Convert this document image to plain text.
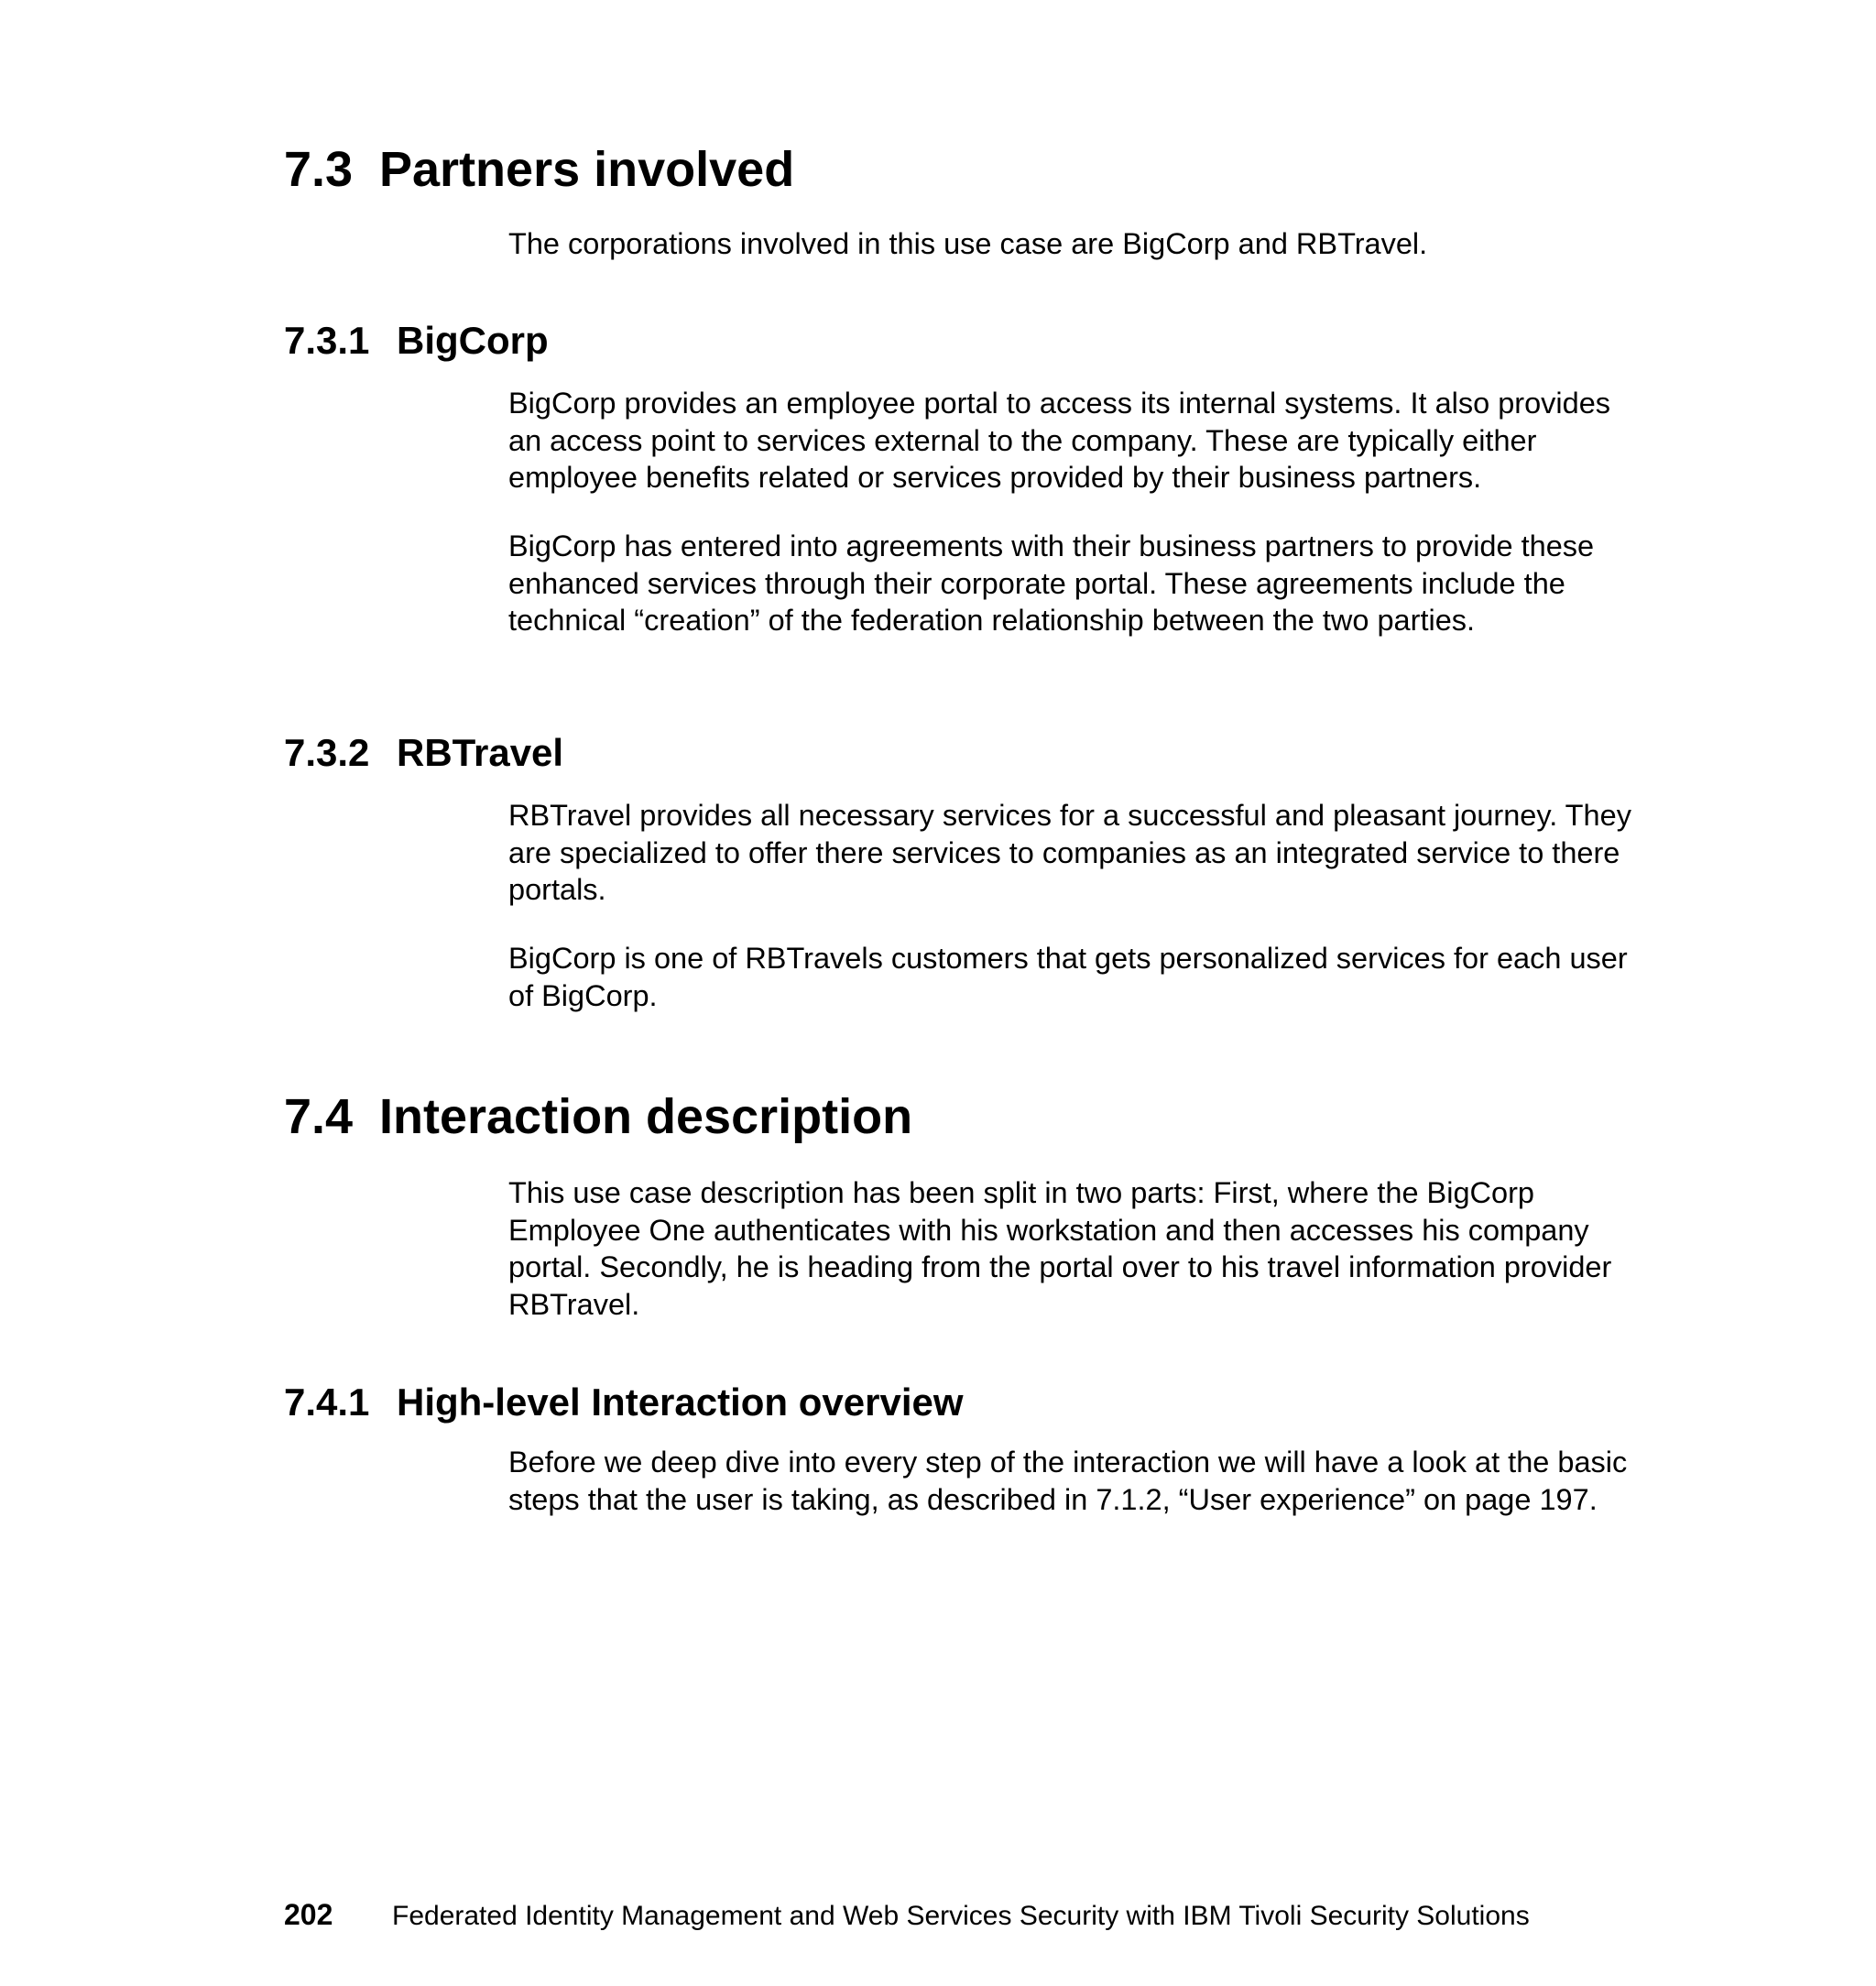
7.3 Partners involved

The corporations involved in this use case are BigCorp and RBTravel.

7.3.1 BigCorp

BigCorp provides an employee portal to access its internal systems. It also provides an access point to services external to the company. These are typically either employee benefits related or services provided by their business partners.

BigCorp has entered into agreements with their business partners to provide these enhanced services through their corporate portal. These agreements include the technical “creation” of the federation relationship between the two parties.

7.3.2 RBTravel

RBTravel provides all necessary services for a successful and pleasant journey. They are specialized to offer there services to companies as an integrated service to there portals.

BigCorp is one of RBTravels customers that gets personalized services for each user of BigCorp.

7.4 Interaction description

This use case description has been split in two parts: First, where the BigCorp Employee One authenticates with his workstation and then accesses his company portal. Secondly, he is heading from the portal over to his travel information provider RBTravel.

7.4.1 High-level Interaction overview

Before we deep dive into every step of the interaction we will have a look at the basic steps that the user is taking, as described in 7.1.2, “User experience” on page 197.

202 Federated Identity Management and Web Services Security with IBM Tivoli Security Solutions
